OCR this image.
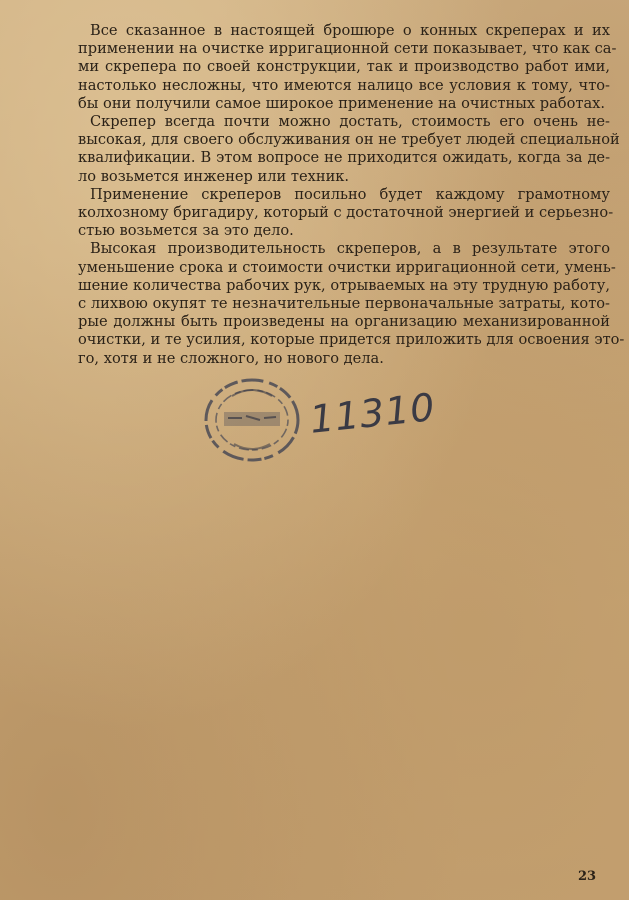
Все сказанное в настоящей брошюре о конных скреперах и их
применении на очистке ирригационной сети показывает, что как са-
ми скрепера по своей конструкции, так и производство работ ими,
настолько несложны, что имеются налицо все условия к тому, что-
бы они получили самое широкое применение на очистных работах.

Скрепер всегда почти можно достать, стоимость его очень не-
высокая, для своего обслуживания он не требует людей специальной
квалификации. В этом вопросе не приходится ожидать, когда за де-
ло возьмется инженер или техник.

Применение скреперов посильно будет каждому грамотному
колхозному бригадиру, который с достаточной энергией и серьезно-
стью возьмется за это дело.

Высокая производительность скреперов, а в результате этого
уменьшение срока и стоимости очистки ирригационной сети, умень-
шение количества рабочих рук, отрываемых на эту трудную работу,
с лихвою окупят те незначительные первоначальные затраты, кото-
рые должны быть произведены на организацию механизированной
очистки, и те усилия, которые придется приложить для освоения это-
го, хотя и не сложного, но нового дела.

11310
23
